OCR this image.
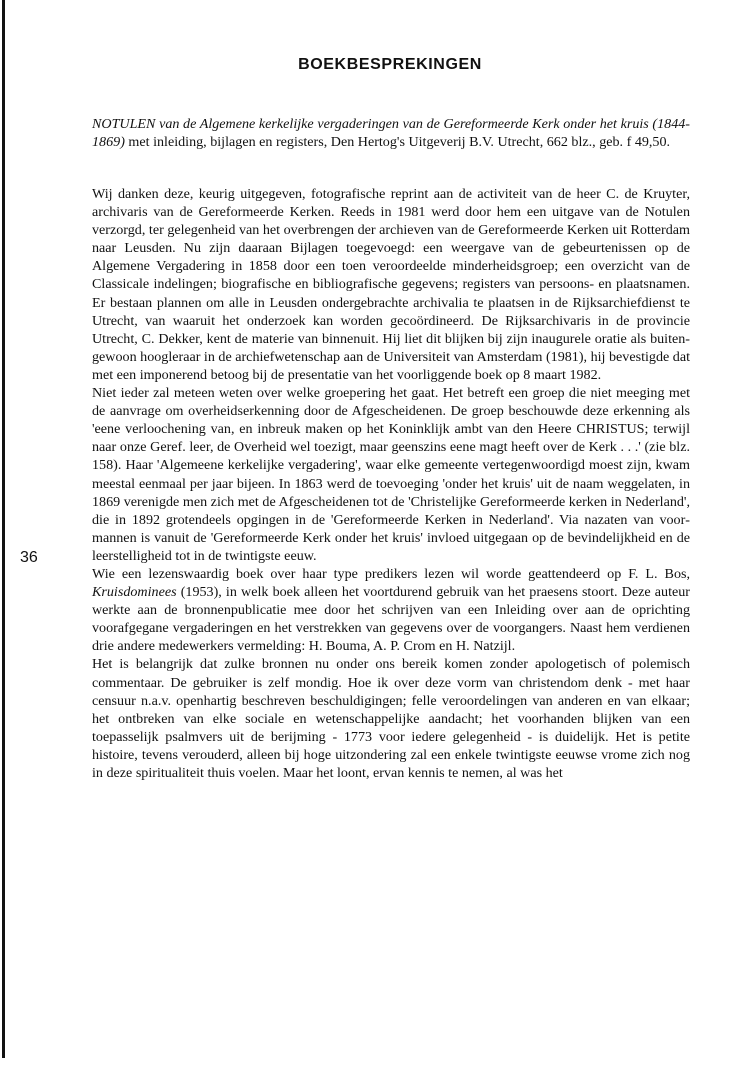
BOEKBESPREKINGEN
36

NOTULEN van de Algemene kerkelijke vergaderingen van de Gereformeerde Kerk onder het kruis (1844-1869) met inleiding, bijlagen en registers, Den Hertog's Uitgeverij B.V. Utrecht, 662 blz., geb. f 49,50.

Wij danken deze, keurig uitgegeven, fotografische reprint aan de activiteit van de heer C. de Kruyter, archivaris van de Gereformeerde Kerken. Reeds in 1981 werd door hem een uitgave van de Notulen verzorgd, ter gelegenheid van het overbrengen der archieven van de Gereformeerde Kerken uit Rotterdam naar Leusden. Nu zijn daaraan Bijlagen toegevoegd: een weergave van de gebeurtenissen op de Algemene Vergadering in 1858 door een toen veroordeelde minderheidsgroep; een overzicht van de Classicale indelingen; biografische en bibliografische gegevens; registers van persoons- en plaatsnamen. Er bestaan plannen om alle in Leusden ondergebrachte archivalia te plaatsen in de Rijksarchiefdienst te Utrecht, van waaruit het onderzoek kan worden gecoördineerd. De Rijksarchivaris in de provincie Utrecht, C. Dekker, kent de materie van binnenuit. Hij liet dit blijken bij zijn inaugurele oratie als buitengewoon hoogleraar in de archiefwetenschap aan de Universiteit van Amsterdam (1981), hij bevestigde dat met een imponerend betoog bij de presentatie van het voorliggende boek op 8 maart 1982.

Niet ieder zal meteen weten over welke groepering het gaat. Het betreft een groep die niet meeging met de aanvrage om overheidserkenning door de Afgescheidenen. De groep beschouwde deze erkenning als 'eene verloochening van, en inbreuk maken op het Koninklijk ambt van den Heere CHRISTUS; terwijl naar onze Geref. leer, de Overheid wel toezigt, maar geenszins eene magt heeft over de Kerk . . .' (zie blz. 158). Haar 'Algemeene kerkelijke vergadering', waar elke gemeente vertegenwoordigd moest zijn, kwam meestal eenmaal per jaar bijeen. In 1863 werd de toevoeging 'onder het kruis' uit de naam weggelaten, in 1869 verenigde men zich met de Afgescheidenen tot de 'Christelijke Gereformeerde kerken in Nederland', die in 1892 grotendeels opgingen in de 'Gereformeerde Kerken in Nederland'. Via nazaten van voormannen is vanuit de 'Gereformeerde Kerk onder het kruis' invloed uitgegaan op de bevindelijkheid en de leerstelligheid tot in de twintigste eeuw.

Wie een lezenswaardig boek over haar type predikers lezen wil worde geattendeerd op F. L. Bos, Kruisdominees (1953), in welk boek alleen het voortdurend gebruik van het praesens stoort. Deze auteur werkte aan de bronnenpublicatie mee door het schrijven van een Inleiding over aan de oprichting voorafgegane vergaderingen en het verstrekken van gegevens over de voorgangers. Naast hem verdienen drie andere medewerkers vermelding: H. Bouma, A. P. Crom en H. Natzijl.

Het is belangrijk dat zulke bronnen nu onder ons bereik komen zonder apologetisch of polemisch commentaar. De gebruiker is zelf mondig. Hoe ik over deze vorm van christendom denk - met haar censuur n.a.v. openhartig beschreven beschuldigingen; felle veroordelingen van anderen en van elkaar; het ontbreken van elke sociale en wetenschappelijke aandacht; het voorhanden blijken van een toepasselijk psalmvers uit de berijming - 1773 voor iedere gelegenheid - is duidelijk. Het is petite histoire, tevens verouderd, alleen bij hoge uitzondering zal een enkele twintigste eeuwse vrome zich nog in deze spiritualiteit thuis voelen. Maar het loont, ervan kennis te nemen, al was het
